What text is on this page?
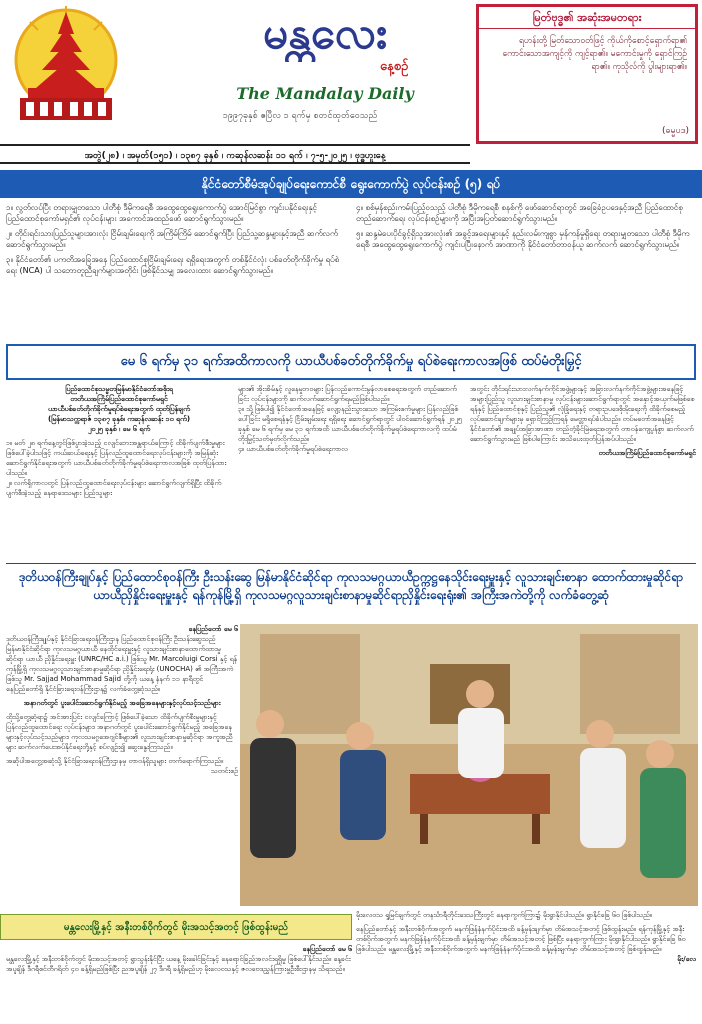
မန္တလေး
နေ့စဉ်
The Mandalay Daily
၁၉၉၇ခုနှစ် ဧပြီလ ၁ ရက်မှ စတင်ထုတ်ဝေသည်
မြတ်ဗုဒ္ဓ၏ အဆုံးအမတရား
ရဟန်းတို့ မြတ်သောဝတ်ဖြင့် ကိုယ်ကိုစောင့်ရှောက်ရာ၏ ကောင်းသောအကျင့်ကို ကျင့်ရာ၏။ မကောင်းမှုကို ရှောင်ကြဉ်ရာ၏။ ကုသိုလ်ကို ပွါးများရာ၏။
(ဓမ္မပဒ)
အတွဲ(၂၈) ၊ အမှတ်(၁၅၁) ၊ ၁၃၈၇ ခုနှစ် ၊ ကဆုန်လဆန်း ၁၁ ရက် ၊ ၇-၅-၂၀၂၅ ၊ ဗုဒ္ဓဟူးနေ့
နိုင်ငံတော်စီမံအုပ်ချုပ်ရေးကောင်စီ ရွေးကောက်ပွဲ လုပ်ငန်းစဉ် (၅) ရပ်

၁။ လွတ်လပ်ပြီး တရားမျှတသော ပါတီစုံ ဒီမိုကရေစီ အထွေထွေရွေးကောက်ပွဲ အောင်မြင်စွာ ကျင်းပနိုင်ရေးနှင့် ပြည်ထောင်စုကော်မရှင်၏ လုပ်ငန်းများ အကောင်အထည်ဖော် ဆောင်ရွက်သွားမည်။

၂။ တိုင်းရင်းသားပြည်သူများအားလုံး ငြိမ်းချမ်းရေးကို အကြိမ်ကြိမ် ဆောင်ရွက်ပြီး ပြည်သူ့ဆန္ဒများနှင့်အညီ ဆက်လက်ဆောင်ရွက်သွားမည်။

၃။ နိုင်ငံတော်၏ ပကတိအခြေအနေ ပြည်ထောင်စုငြိမ်းချမ်းရေး ရရှိရေးအတွက် တစ်နိုင်ငံလုံး ပစ်ခတ်တိုက်ခိုက်မှု ရပ်စဲရေး (NCA) ပါ သဘောတူညီချက်များအတိုင်း ဖြစ်နိုင်သမျှ အလေးထား ဆောင်ရွက်သွားမည်။

၄။ စစ်မှန်စည်းကမ်းပြည့်ဝသည့် ပါတီစုံ ဒီမိုကရေစီ စနစ်ကို ဖော်ဆောင်ရာတွင် အခြေခံဥပဒေနှင့်အညီ ပြည်ထောင်စုတည်ဆောက်ရေး လုပ်ငန်းစဉ်များကို အပြီးအပြတ်ဆောင်ရွက်သွားမည်။

၅။ ဆန္ဒမဲပေးပိုင်ခွင့်ရှိသူအားလုံး၏ အခွင့်အရေးများနှင့် နည်းလမ်းကျစွာ မှန်ကန်မှုရှိရေး တရားမျှတသော ပါတီစုံ ဒီမိုကရေစီ အထွေထွေရွေးကောက်ပွဲ ကျင်းပပြီးနောက် အာဏာကို နိုင်ငံတော်တာဝန်ယူ ဆက်လက် ဆောင်ရွက်သွားမည်။

မေ ၆ ရက်မှ ၃၁ ရက်အထိကာလကို ယာယီပစ်ခတ်တိုက်ခိုက်မှု ရပ်စဲရေးကာလအဖြစ် ထပ်မံတိုးမြှင့်

ပြည်ထောင်စုသမ္မတမြန်မာနိုင်ငံတော်အစိုးရ
တတိယအကြိမ်ပြည်ထောင်စုကော်မရှင်
ယာယီပစ်ခတ်တိုက်ခိုက်မှုရပ်စဲရေးအတွက် ထုတ်ပြန်ချက်
(မြန်မာသက္ကရာဇ် ၁၃၈၇ ခုနှစ်၊ ကဆုန်လဆန်း ၁၀ ရက်)
၂၀၂၅ ခုနှစ် ၊ မေ ၆ ရက်

၁။ မတ် ၂၈ ရက်နေ့တွင်ဖြစ်ပွားခဲ့သည့် ငလျင်ဘေးအန္တရာယ်ကြောင့် ထိခိုက်ပျက်စီးမှုများ ဖြစ်ပေါ်ခဲ့ပါသဖြင့် ကယ်ဆယ်ရေးနှင့် ပြန်လည်ထူထောင်ရေးလုပ်ငန်းများကို အမြန်ဆုံးဆောင်ရွက်နိုင်ရေးအတွက် ယာယီပစ်ခတ်တိုက်ခိုက်မှုရပ်စဲရေးကာလအဖြစ် ထုတ်ပြန်ထားပါသည်။
၂။ လက်ရှိကာလတွင် ပြန်လည်ထူထောင်ရေးလုပ်ငန်းများ ဆောင်ရွက်လျက်ရှိပြီး ထိခိုက်ပျက်စီးခဲ့သည့် နေရာဒေသများ ပြည်သူများ

များ၏ အိုးအိမ်နှင့် လူနေမှုဘဝများ ပြန်လည်ကောင်းမွန်လာစေရေးအတွက် တည်ဆောက်ခြင်း လုပ်ငန်းများကို ဆက်လက်ဆောင်ရွက်ရမည်ဖြစ်ပါသည်။
၃။ သို့ဖြစ်ပါ၍ နိုင်ငံတော်အနေဖြင့် လျော့နည်းသွားသော အကြမ်းဖက်မှုများ ပြန်လည်ဖြစ်ပေါ်ခြင်း မရှိစေရန်နှင့် ငြိမ်းချမ်းရေး ရရှိရေး ဆောင်ရွက်ရာတွင် ပါဝင်ဆောင်ရွက်ရန် ၂၀၂၅ ခုနှစ် မေ ၆ ရက်မှ မေ ၃၁ ရက်အထိ ယာယီပစ်ခတ်တိုက်ခိုက်မှုရပ်စဲရေးကာလကို ထပ်မံတိုးမြှင့်သတ်မှတ်လိုက်သည်။
၄။ ယာယီပစ်ခတ်တိုက်ခိုက်မှုရပ်စဲရေးကာလ

အတွင်း တိုင်းရင်းသားလက်နက်ကိုင်အဖွဲ့များနှင့် အခြားလက်နက်ကိုင်အဖွဲ့များအနေဖြင့် အများပြည်သူ လူသားချင်းစာနာမှု လုပ်ငန်းများဆောင်ရွက်ရာတွင် အနှောင့်အယှက်မဖြစ်စေရန်နှင့် ပြည်ထောင်စုနှင့် ပြည်သူ၏ လုံခြုံရေးနှင့် တရားဥပဒေစိုးမိုးရေးကို ထိခိုက်စေမည့် လုပ်ဆောင်ချက်များမှ ရှောင်ကြဉ်ကြရန် မေတ္တာရပ်ခံပါသည်။ တပ်မတော်အနေဖြင့် နိုင်ငံတော်၏ အချုပ်အခြာအာဏာ တည်တံ့ခိုင်မြဲရေးအတွက် တာဝန်ကျေပွန်စွာ ဆက်လက်ဆောင်ရွက်သွားမည် ဖြစ်ပါကြောင်း အသိပေးထုတ်ပြန်အပ်ပါသည်။

တတိယအကြိမ်ပြည်ထောင်စုကော်မရှင်

ဒုတိယဝန်ကြီးချုပ်နှင့် ပြည်ထောင်စုဝန်ကြီး ဦးသန်းဆွေ မြန်မာနိုင်ငံဆိုင်ရာ ကုလသမဂ္ဂယာယီဥက္ကဋ္ဌနေသိုင်းရေးမှူးနှင့် လူသားချင်းစာနာ ထောက်ထားမှုဆိုင်ရာ ယာယီညှိနှိုင်းရေးမှူးနှင့် ရန်ကုန်မြို့ရှိ ကုလသမဂ္ဂလူသားချင်းစာနာမှုဆိုင်ရာညှိနှိုင်းရေးရုံး၏ အကြီးအကဲတို့ကို လက်ခံတွေ့ဆုံ

နေပြည်တော် မေ ၆

ဒုတိယဝန်ကြီးချုပ်နှင့် နိုင်ငံခြားရေးဝန်ကြီးဌာန ပြည်ထောင်စုဝန်ကြီး ဦးသန်းဆွေသည် မြန်မာနိုင်ငံဆိုင်ရာ ကုလသမဂ္ဂယာယီ နေထိုင်ရေးမှူးနှင့် လူသားချင်းစာနာထောက်ထားမှုဆိုင်ရာ ယာယီ ညှိနှိုင်းရေးမှူး (UNRC/HC a.i.) ဖြစ်သူ Mr. Marcoluigi Corsi နှင့် ရန်ကုန်မြို့ရှိ ကုလသမဂ္ဂလူသားချင်းစာနာမှုဆိုင်ရာ ညှိနှိုင်းရေးရုံး (UNOCHA) ၏ အကြီးအကဲဖြစ်သူ Mr. Sajjad Mohammad Sajid တို့ကို ယနေ့ နံနက် ၁၁ နာရီတွင် နေပြည်တော်ရှိ နိုင်ငံခြားရေးဝန်ကြီးဌာန၌ လက်ခံတွေ့ဆုံသည်။

အနာဂတ်တွင် ပူးပေါင်းဆောင်ရွက်နိုင်မည့် အခြေအနေများနှင့်လုပ်သင့်သည်များ

ထိုသို့တွေ့ဆုံရာ၌ အင်အားပြင်း ငလျင်ကြောင့် ဖြစ်ပေါ်ခဲ့သော ထိခိုက်ပျက်စီးမှုများနှင့် ပြန်လည်ထူထောင်ရေး လုပ်ငန်းများ၊ အနာဂတ်တွင် ပူးပေါင်းဆောင်ရွက်နိုင်မည့် အခြေအနေများနှင့်လုပ်သင့်သည်များ၊ ကုလသမဂ္ဂအေဂျင်စီများ၏ လူသားချင်းစာနာမှုဆိုင်ရာ အကူအညီများ ဆက်လက်ပေးအပ်နိုင်ရေးတို့နှင့် စပ်လျဉ်း၍ ဆွေးနွေးကြသည်။

အဆိုပါအတွေ့အဆုံသို့ နိုင်ငံခြားရေးဝန်ကြီးဌာနမှ တာဝန်ရှိသူများ တက်ရောက်ကြသည်။

သတင်းစဉ်

မန္တလေးမြို့နှင့် အနီးတစ်ဝိုက်တွင် မိုးအသင့်အတင့် ဖြစ်ထွန်းမည်

နေပြည်တော် မေ ၆

မန္တလေးမြို့နှင့် အနီးတစ်ဝိုက်တွင် မိုးအသင့်အတင့် ရွာသွန်းနိုင်ပြီး ယနေ့ မိုးခေါင်ခြင်းနှင့် နေရောင်ခြည်အလင်းရရှိမှု ဖြစ်ပေါ်နိုင်သည်။ နေ့ခင်း အပူချိန် ဒီဂရီစင်တီဂရိတ် ၄၀ ခန့်ရှိမည်ဖြစ်ပြီး ညအပူချိန် ၂၇ ဒီဂရီ ခန့်ရှိမည်ဟု မိုးလေဝသနှင့် ဇလဗေဒညွှန်ကြားမှုဦးစီးဌာနမှ သိရသည်။

မိုးလေဝသ ရှုမြင်ချက်တွင် တနင်္သာရီတိုင်းဒေသကြီးတွင် နေရာကွက်ကြား၌ မိုးရွာနိုင်ပါသည်။ ရွာနိုင်ခြေ ၆၀ ဖြစ်ပါသည်။

နေပြည်တော်နှင့် အနီးတစ်ဝိုက်အတွက် မနက်ဖြန်နံနက်ပိုင်းအထိ ခန့်မှန်းချက်မှာ တိမ်အသင့်အတင့် ဖြစ်ထွန်းမည်။ ရန်ကုန်မြို့နှင့် အနီးတစ်ဝိုက်အတွက် မနက်ဖြန်နံနက်ပိုင်းအထိ ခန့်မှန်းချက်မှာ တိမ်အသင့်အတင့် ဖြစ်ပြီး နေရာကွက်ကြား မိုးရွာနိုင်ပါသည်။ ရွာနိုင်ခြေ ၆၀ ဖြစ်ပါသည်။ မန္တလေးမြို့နှင့် အနီးတစ်ဝိုက်အတွက် မနက်ဖြန်နံနက်ပိုင်းအထိ ခန့်မှန်းချက်မှာ တိမ်အသင့်အတင့် ဖြစ်ထွန်းမည်။

မိုး/လေ
